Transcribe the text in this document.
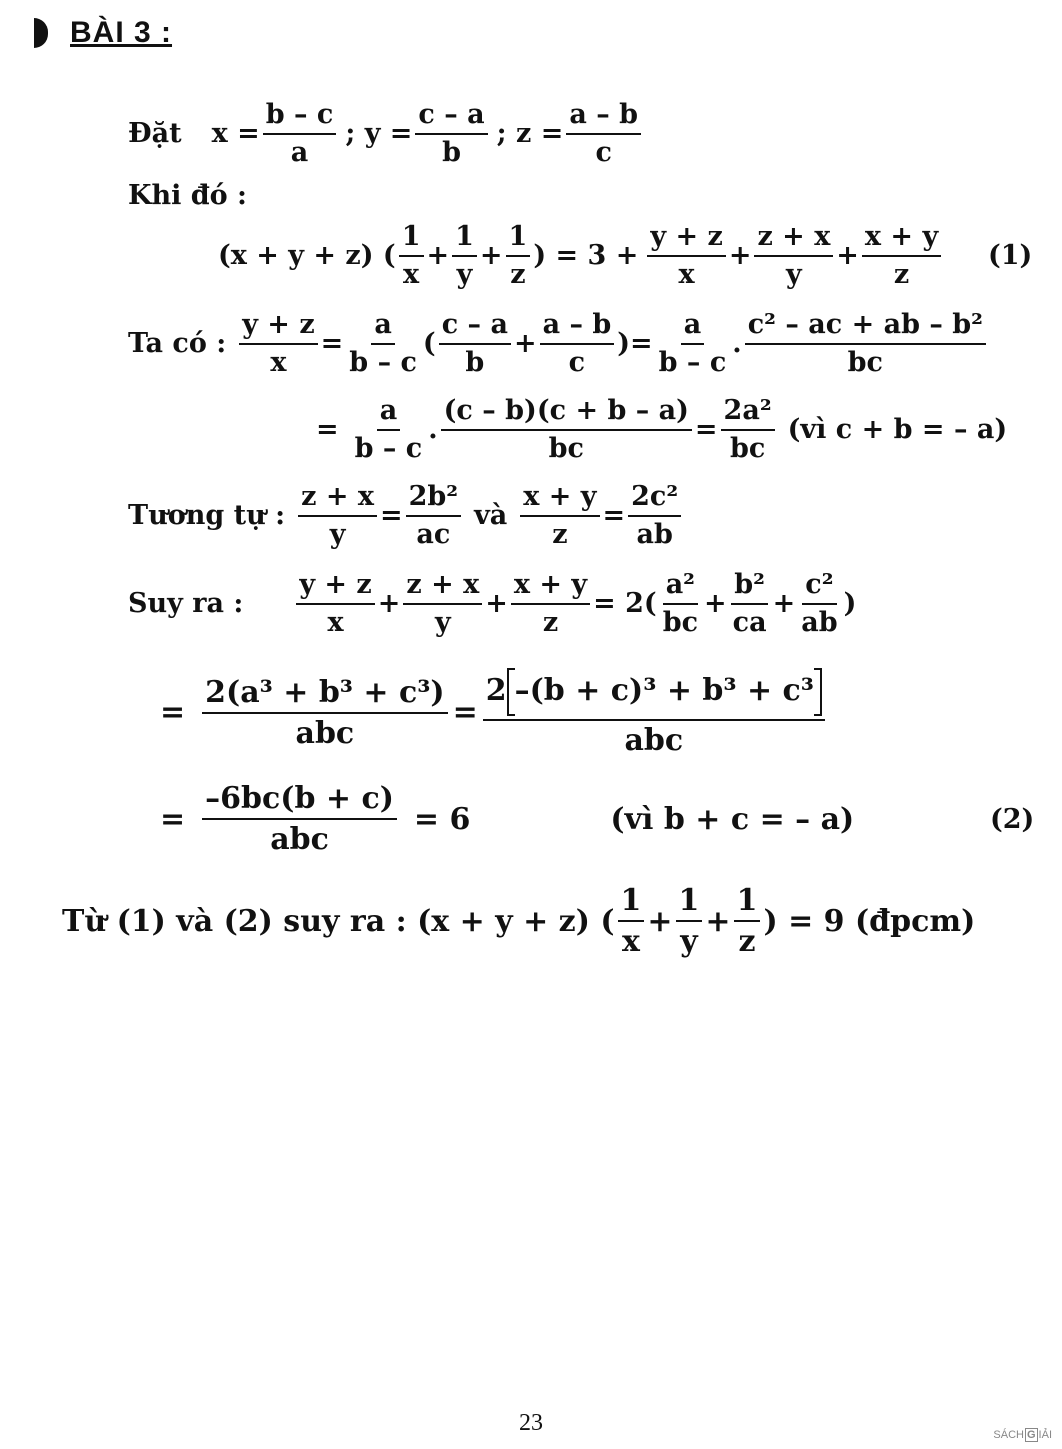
BÀI 3 :
Đặt $x = \frac{b - c}{a}$ ; $y = \frac{c - a}{b}$ ; $z = \frac{a - b}{c}$
Khi đó :
(x + y + z) ( $\frac{1}{x} + \frac{1}{y} + \frac{1}{z}$ ) = $3 + \frac{y + z}{x} + \frac{z + x}{y} + \frac{x + y}{z} (1)$
Ta có : $\frac{y + z}{x} = \frac{a}{b - c}$ ( $\frac{c - a}{b} + \frac{a - b}{c}$ )= $\frac{a}{b - c}$ . $\frac{\text{c² – ac + ab – b²}}{bc}$
= $\frac{a}{b - c}$ . $\frac{(c - b)(c + b - a)}{bc} = \frac{\text{2a²}}{bc}$ (vì c + b = – a)
Tương tự : $\frac{z + x}{y} = \frac{\text{2b²}}{ac}$ và $\frac{x + y}{z} = \frac{\text{2c²}}{ab}$
Suy ra : $\frac{y + z}{x} + \frac{z + x}{y} + \frac{x + y}{z} = 2( \frac{\text{a²}}{bc} + \frac{\text{b²}}{ca} + \frac{\text{c²}}{ab}$ )
= $\frac{\text{2(a³ + b³ + c³)}}{\text{abc}} = \frac{\text{2 –(b + c)³ + b³ + c³}}{\text{abc}}$
= $\frac{-6bc(b + c)}{\text{abc}} = 6$	(vì b + c = – a)	(2)
Từ (1) và (2) suy ra : (x + y + z) ( $\frac{1}{x} + \frac{1}{y} + \frac{1}{z}$ ) = 9 (đpcm)
23	SÁCH G IẢI
